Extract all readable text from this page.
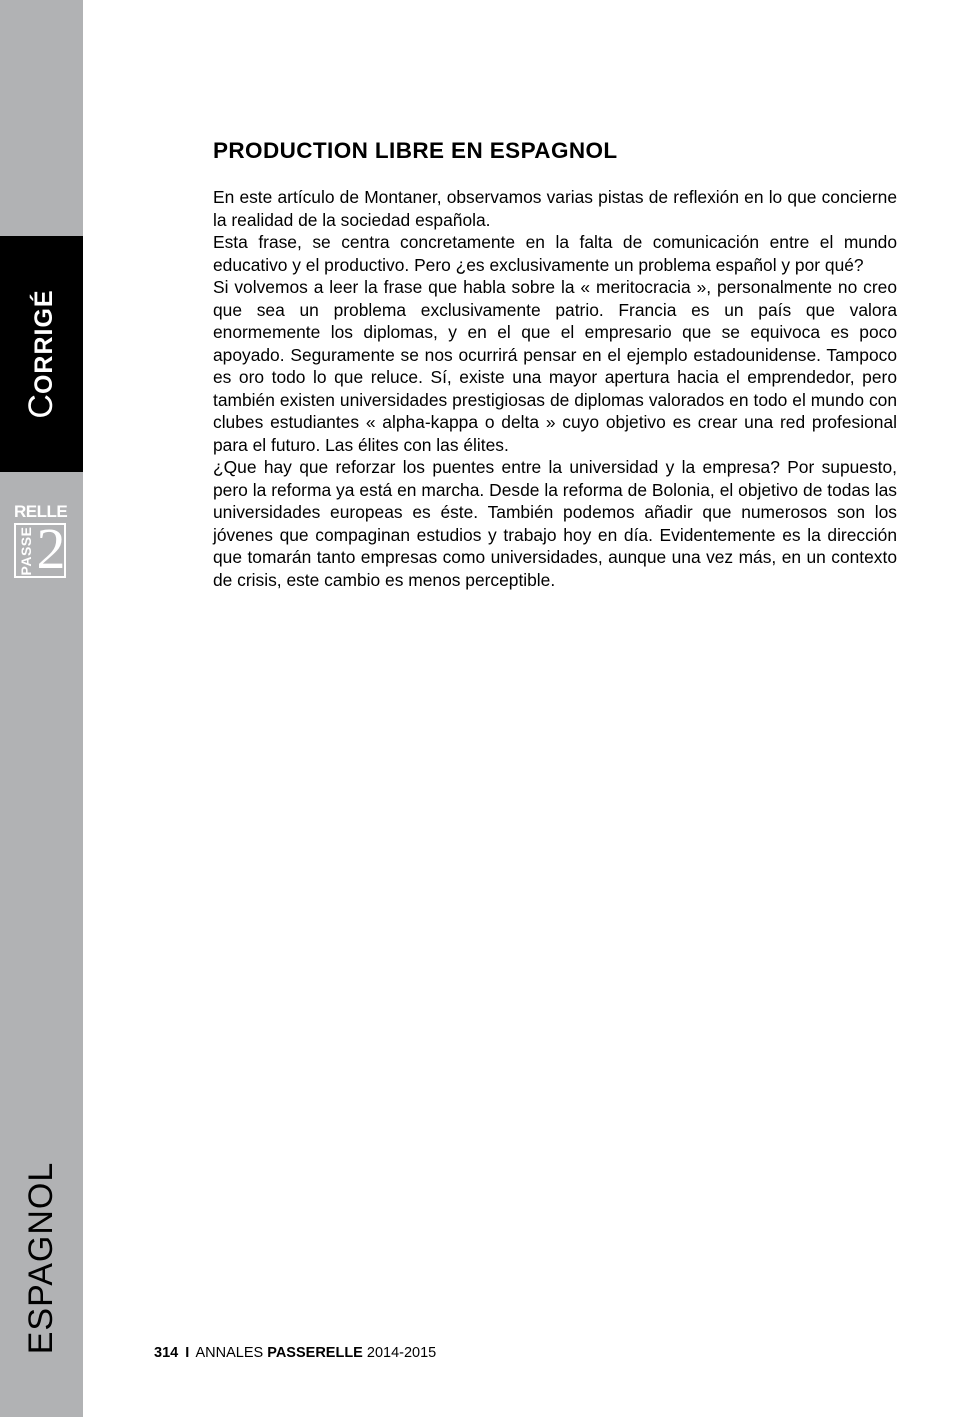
CORRIGÉ
RELLE
PASSE 2
ESPAGNOL
PRODUCTION LIBRE EN ESPAGNOL

En este artículo de Montaner, observamos varias pistas de reflexión en lo que concierne la realidad de la sociedad española.

Esta frase, se centra concretamente en la falta de comunicación entre el mundo educativo y el productivo. Pero ¿es exclusivamente un problema español y por qué?

Si volvemos a leer la frase que habla sobre la « meritocracia », personalmente no creo que sea un problema exclusivamente patrio. Francia es un país que valora enormemente los diplomas, y en el que el empresario que se equivoca es poco apoyado. Seguramente se nos ocurrirá pensar en el ejemplo estadounidense. Tampoco es oro todo lo que reluce. Sí, existe una mayor apertura hacia el emprendedor, pero también existen universidades prestigiosas de diplomas valorados en todo el mundo con clubes estudiantes « alpha-kappa o delta » cuyo objetivo es crear una red profesional para el futuro. Las élites con las élites.

¿Que hay que reforzar los puentes entre la universidad y la empresa? Por supuesto, pero la reforma ya está en marcha. Desde la reforma de Bolonia, el objetivo de todas las universidades europeas es éste. También podemos añadir que numerosos son los jóvenes que compaginan estudios y trabajo hoy en día. Evidentemente es la dirección que tomarán tanto empresas como universidades, aunque una vez más, en un contexto de crisis, este cambio es menos perceptible.

314 I ANNALES PASSERELLE 2014-2015
